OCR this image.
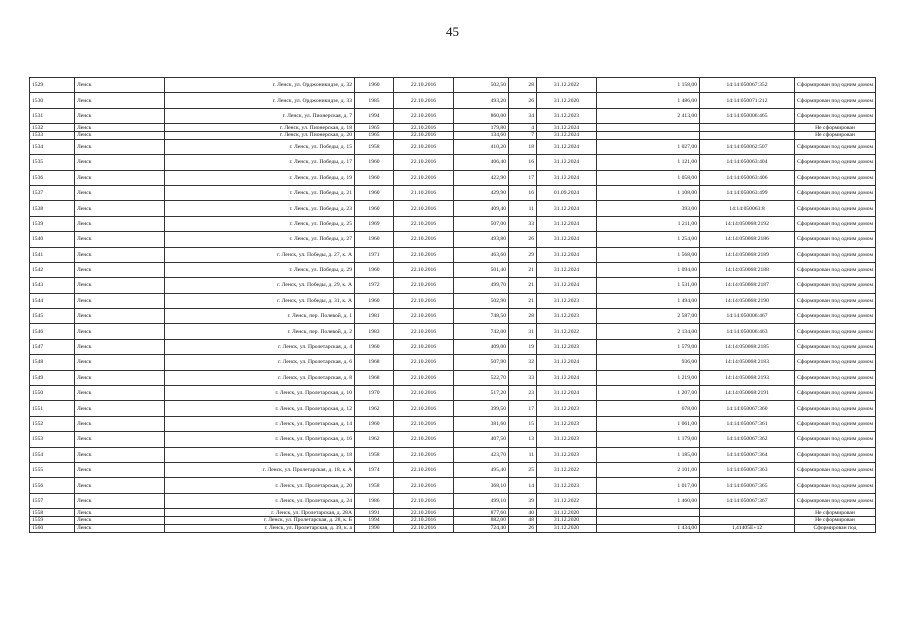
45
1529	Ленск	г. Ленск, ул. Орджоникидзе, д. 32	1960	22.10.2016	502,50	28	31.12.2022	1 158,00	14:14:050067:352	Сформирован под одним домом
1530	Ленск	г. Ленск, ул. Орджоникидзе, д. 33	1985	22.10.2016	493,20	26	31.12.2020	1 486,00	14:14:050071:212	Сформирован под одним домом
1531	Ленск	г. Ленск, ул. Пионерская, д. 7	1994	22.10.2016	860,00	34	31.12.2023	2 413,00	14:14:050006:465	Сформирован под одним домом
1532	Ленск	г. Ленск, ул. Пионерская, д. 18	1965	22.10.2016	179,80	4	31.12.2024			Не сформирован
1533	Ленск	г. Ленск, ул. Пионерская, д. 20	1965	22.10.2016	134,60	7	31.12.2024			Не сформирован
1534	Ленск	г. Ленск, ул. Победы, д. 15	1958	22.10.2016	410,20	18	31.12.2024	1 027,00	14:14:050062:507	Сформирован под одним домом
1535	Ленск	г. Ленск, ул. Победы, д. 17	1960	22.10.2016	406,40	16	31.12.2024	1 121,00	14:14:050063:404	Сформирован под одним домом
1536	Ленск	г. Ленск, ул. Победы, д. 19	1960	22.10.2016	422,90	17	31.12.2024	1 058,00	14:14:050063:406	Сформирован под одним домом
1537	Ленск	г. Ленск, ул. Победы, д. 21	1960	21.10.2016	429,90	16	01.09.2024	1 108,00	14:14:050063:499	Сформирован под одним домом
1538	Ленск	г. Ленск, ул. Победы, д. 23	1960	22.10.2016	409,40	11	31.12.2024	393,00	14:14:050063:8	Сформирован под одним домом
1539	Ленск	г. Ленск, ул. Победы, д. 25	1969	22.10.2016	507,00	33	31.12.2024	1 211,00	14:14:050068:2192	Сформирован под одним домом
1540	Ленск	г. Ленск, ул. Победы, д. 27	1960	22.10.2016	493,80	26	31.12.2024	1 254,00	14:14:050068:2186	Сформирован под одним домом
1541	Ленск	г. Ленск, ул. Победы, д. 27, к. А	1971	22.10.2016	463,60	29	31.12.2024	1 568,00	14:14:050068:2189	Сформирован под одним домом
1542	Ленск	г. Ленск, ул. Победы, д. 29	1960	22.10.2016	501,40	21	31.12.2024	1 094,00	14:14:050068:2188	Сформирован под одним домом
1543	Ленск	г. Ленск, ул. Победы, д. 29, к. А	1972	22.10.2016	499,70	21	31.12.2024	1 531,00	14:14:050068:2187	Сформирован под одним домом
1544	Ленск	г. Ленск, ул. Победы, д. 31, к. А	1960	22.10.2016	502,90	21	31.12.2023	1 494,00	14:14:050068:2190	Сформирован под одним домом
1545	Ленск	г. Ленск, пер. Полевой, д. 1	1981	22.10.2016	748,50	28	31.12.2023	2 587,00	14:14:050006:467	Сформирован под одним домом
1546	Ленск	г. Ленск, пер. Полевой, д. 2	1983	22.10.2016	742,00	31	31.12.2022	2 134,00	14:14:050006:463	Сформирован под одним домом
1547	Ленск	г. Ленск, ул. Пролетарская, д. 4	1960	22.10.2016	409,00	19	31.12.2023	1 579,00	14:14:050068:2185	Сформирован под одним домом
1548	Ленск	г. Ленск, ул. Пролетарская, д. 6	1968	22.10.2016	507,90	32	31.12.2024	936,00	14:14:050068:2183	Сформирован под одним домом
1549	Ленск	г. Ленск, ул. Пролетарская, д. 8	1968	22.10.2016	522,70	33	31.12.2024	1 219,00	14:14:050068:2193	Сформирован под одним домом
1550	Ленск	г. Ленск, ул. Пролетарская, д. 10	1970	22.10.2016	517,20	23	31.12.2024	1 207,00	14:14:050068:2191	Сформирован под одним домом
1551	Ленск	г. Ленск, ул. Пролетарская, д. 12	1962	22.10.2016	399,50	17	31.12.2023	678,00	14:14:050067:360	Сформирован под одним домом
1552	Ленск	г. Ленск, ул. Пролетарская, д. 14	1960	22.10.2016	381,60	15	31.12.2023	1 061,00	14:14:050067:361	Сформирован под одним домом
1553	Ленск	г. Ленск, ул. Пролетарская, д. 16	1962	22.10.2016	407,50	13	31.12.2023	1 179,00	14:14:050067:362	Сформирован под одним домом
1554	Ленск	г. Ленск, ул. Пролетарская, д. 18	1958	22.10.2016	423,70	11	31.12.2023	1 185,00	14:14:050067:364	Сформирован под одним домом
1555	Ленск	г. Ленск, ул. Пролетарская, д. 18, к. А	1974	22.10.2016	495,40	25	31.12.2022	2 101,00	14:14:050067:363	Сформирован под одним домом
1556	Ленск	г. Ленск, ул. Пролетарская, д. 20	1958	22.10.2016	368,10	14	31.12.2023	1 017,00	14:14:050067:365	Сформирован под одним домом
1557	Ленск	г. Ленск, ул. Пролетарская, д. 24	1986	22.10.2016	499,10	39	31.12.2022	1 460,00	14:14:050067:367	Сформирован под одним домом
1558	Ленск	г. Ленск, ул. Пролетарская, д. 28А	1991	22.10.2016	877,60	40	31.12.2020			Не сформирован
1559	Ленск	г. Ленск, ул. Пролетарская, д. 28, к. Б	1994	22.10.2016	882,00	48	31.12.2020			Не сформирован
1560	Ленск	г. Ленск, ул. Пролетарская, д. 39, к. а	1990	22.10.2016	724,40	26	31.12.2020	1 434,00	1,41405E+12	Сформирован под
